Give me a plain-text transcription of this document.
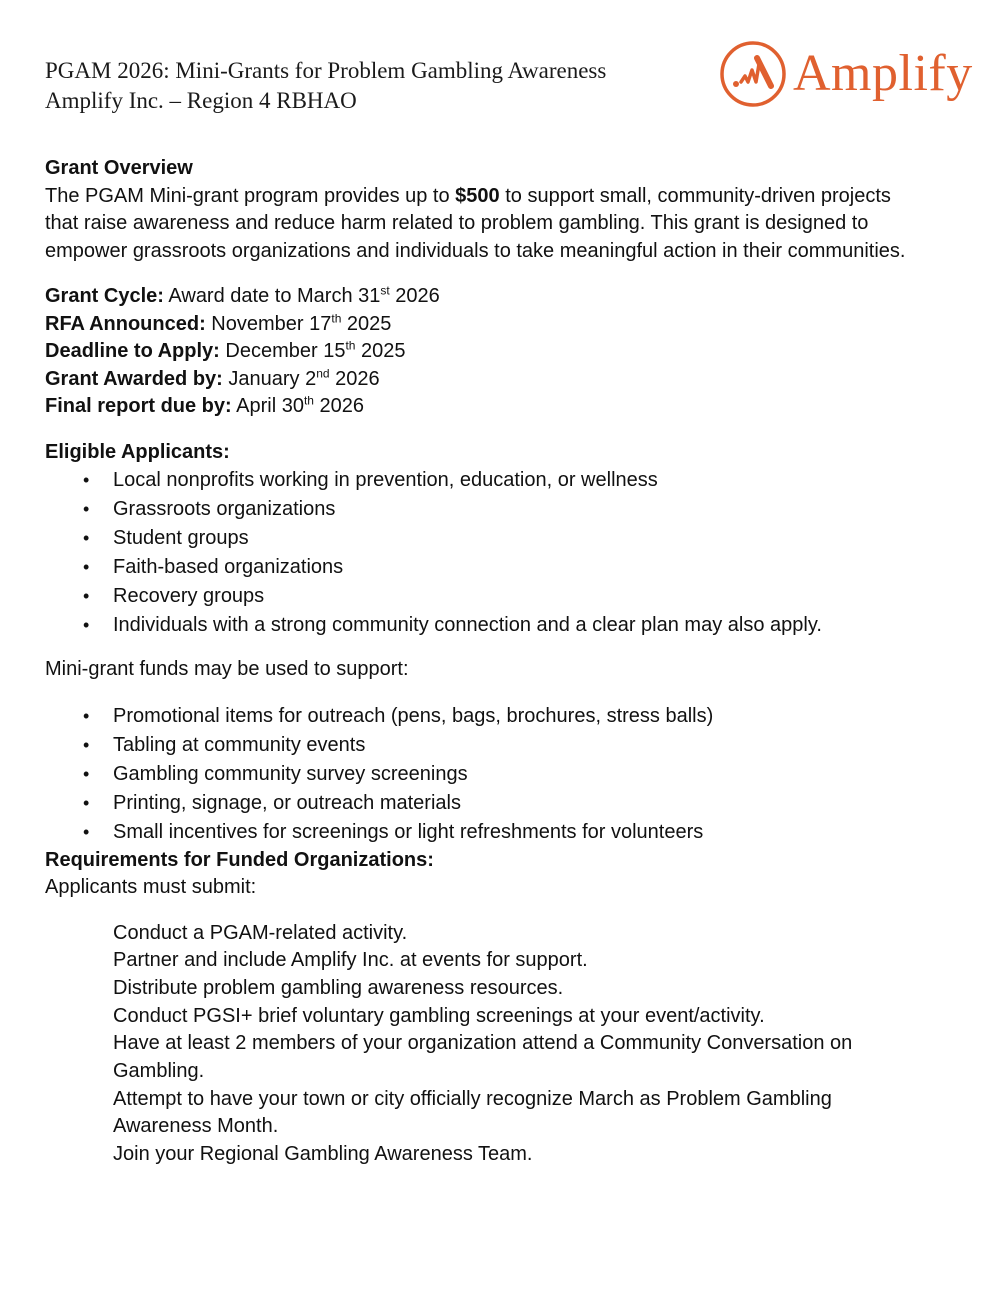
PGAM 2026: Mini-Grants for Problem Gambling Awareness
Amplify Inc. – Region 4 RBHAO	Amplify

Grant Overview

The PGAM Mini-grant program provides up to $500 to support small, community-driven projects that raise awareness and reduce harm related to problem gambling. This grant is designed to empower grassroots organizations and individuals to take meaningful action in their communities.

Grant Cycle: Award date to March 31st 2026

RFA Announced: November 17th 2025

Deadline to Apply: December 15th 2025

Grant Awarded by: January 2nd 2026

Final report due by: April 30th 2026

Eligible Applicants:

• Local nonprofits working in prevention, education, or wellness
• Grassroots organizations
• Student groups
• Faith-based organizations
• Recovery groups
• Individuals with a strong community connection and a clear plan may also apply.

Mini-grant funds may be used to support:

• Promotional items for outreach (pens, bags, brochures, stress balls)
• Tabling at community events
• Gambling community survey screenings
• Printing, signage, or outreach materials
• Small incentives for screenings or light refreshments for volunteers

Requirements for Funded Organizations:

Applicants must submit:

Conduct a PGAM-related activity.
Partner and include Amplify Inc. at events for support.
Distribute problem gambling awareness resources.
Conduct PGSI+ brief voluntary gambling screenings at your event/activity.
Have at least 2 members of your organization attend a Community Conversation on Gambling.
Attempt to have your town or city officially recognize March as Problem Gambling Awareness Month.
Join your Regional Gambling Awareness Team.
